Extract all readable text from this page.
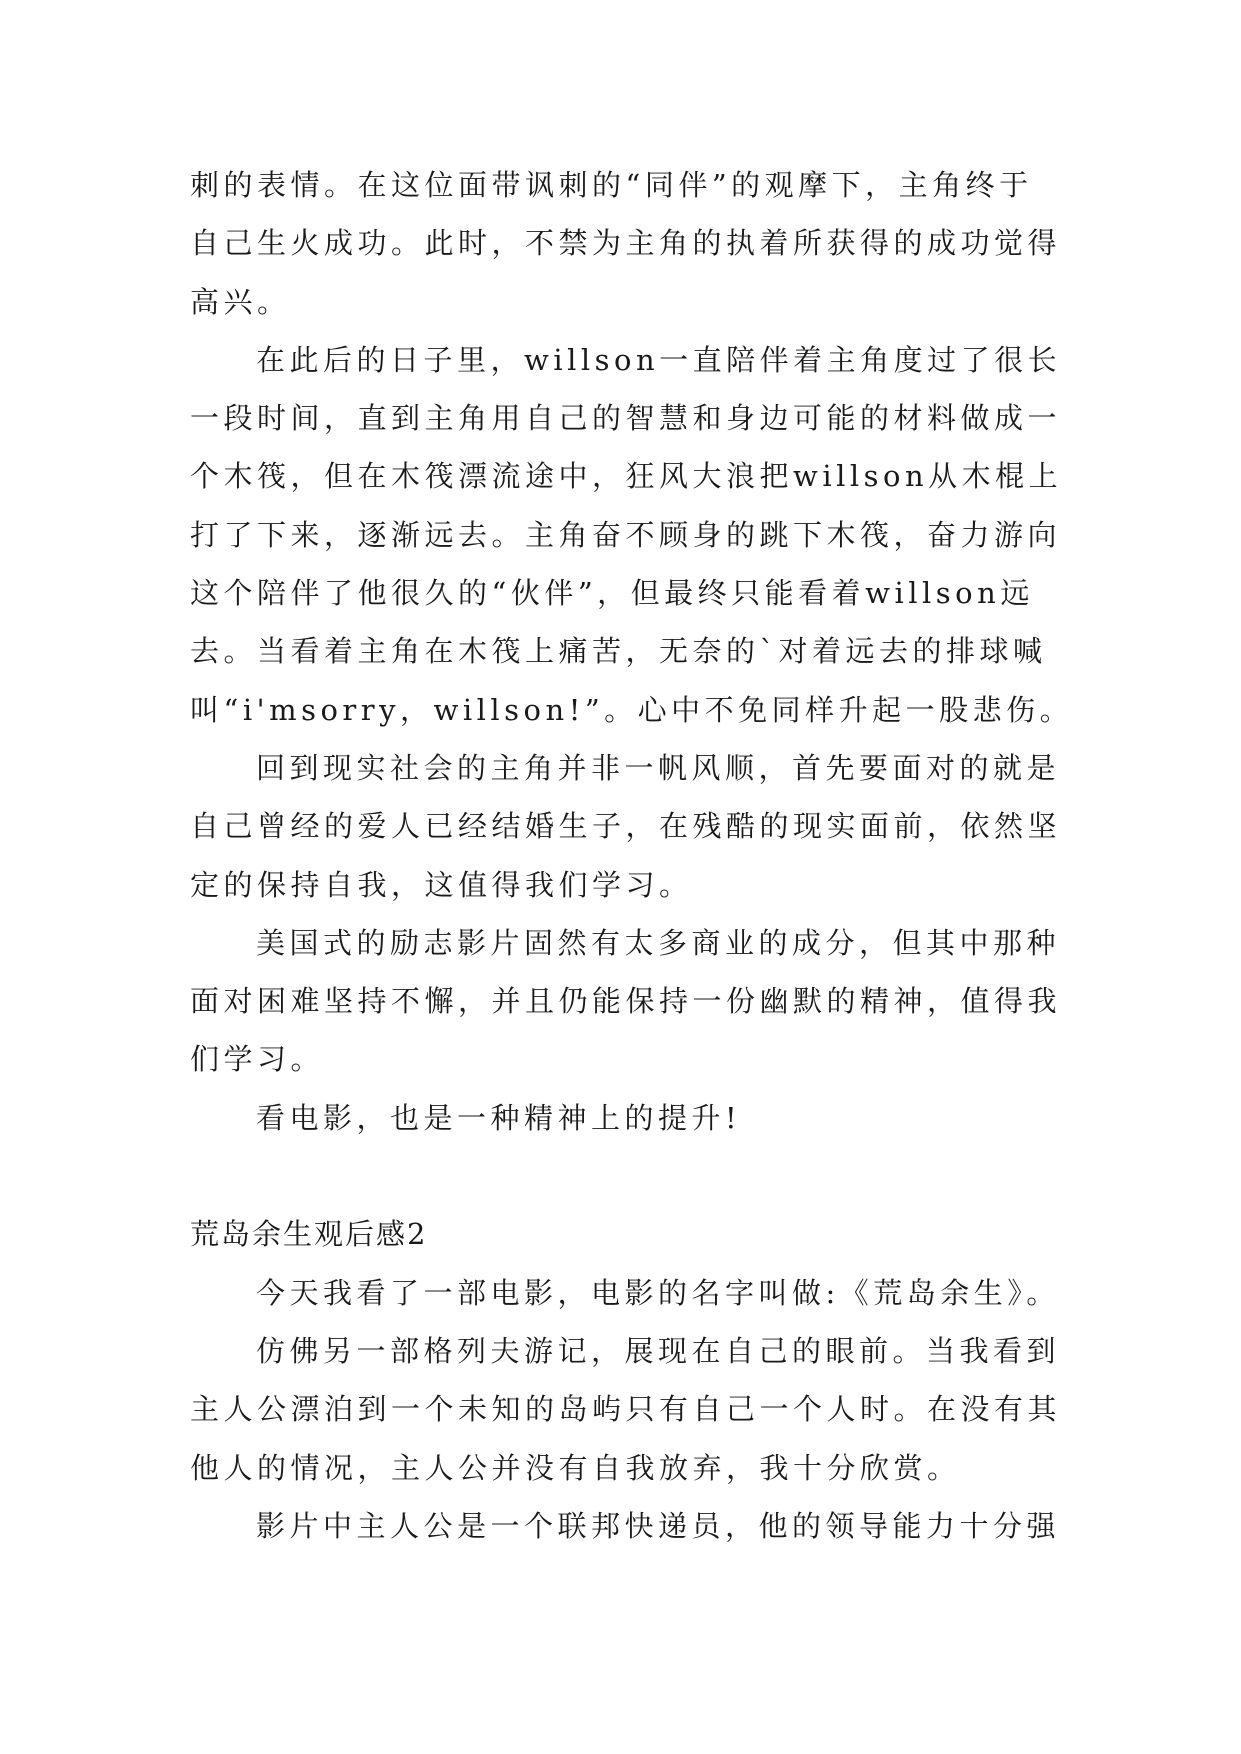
刺的表情。在这位面带讽刺的“同伴”的观摩下，主角终于
自己生火成功。此时，不禁为主角的执着所获得的成功觉得
高兴。
在此后的日子里，willson一直陪伴着主角度过了很长
一段时间，直到主角用自己的智慧和身边可能的材料做成一
个木筏，但在木筏漂流途中，狂风大浪把willson从木棍上
打了下来，逐渐远去。主角奋不顾身的跳下木筏，奋力游向
这个陪伴了他很久的“伙伴”，但最终只能看着willson远
去。当看着主角在木筏上痛苦，无奈的`对着远去的排球喊
叫“i'msorry，willson!”。心中不免同样升起一股悲伤。
回到现实社会的主角并非一帆风顺，首先要面对的就是
自己曾经的爱人已经结婚生子，在残酷的现实面前，依然坚
定的保持自我，这值得我们学习。
美国式的励志影片固然有太多商业的成分，但其中那种
面对困难坚持不懈，并且仍能保持一份幽默的精神，值得我
们学习。
看电影，也是一种精神上的提升!
荒岛余生观后感2
今天我看了一部电影，电影的名字叫做:《荒岛余生》。
仿佛另一部格列夫游记，展现在自己的眼前。当我看到
主人公漂泊到一个未知的岛屿只有自己一个人时。在没有其
他人的情况，主人公并没有自我放弃，我十分欣赏。
影片中主人公是一个联邦快递员，他的领导能力十分强
